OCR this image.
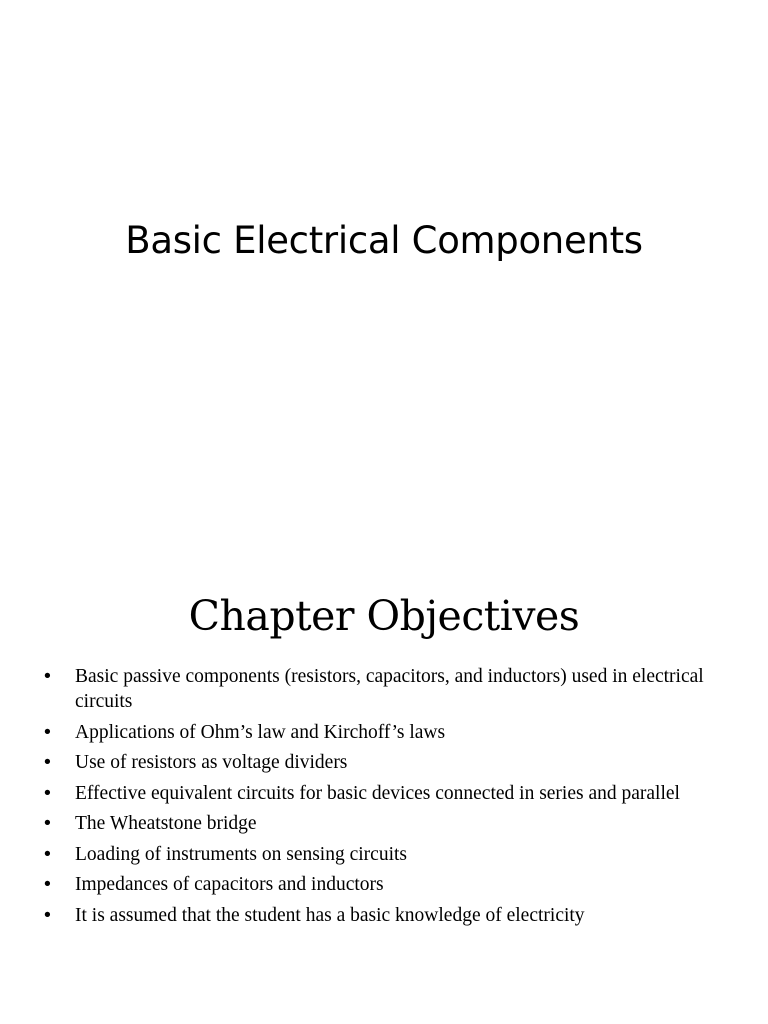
Basic Electrical Components
Chapter Objectives
• Basic passive components (resistors, capacitors, and inductors) used in electrical circuits
• Applications of Ohm’s law and Kirchoff’s laws
• Use of resistors as voltage dividers
• Effective equivalent circuits for basic devices connected in series and parallel
• The Wheatstone bridge
• Loading of instruments on sensing circuits
• Impedances of capacitors and inductors
• It is assumed that the student has a basic knowledge of electricity
